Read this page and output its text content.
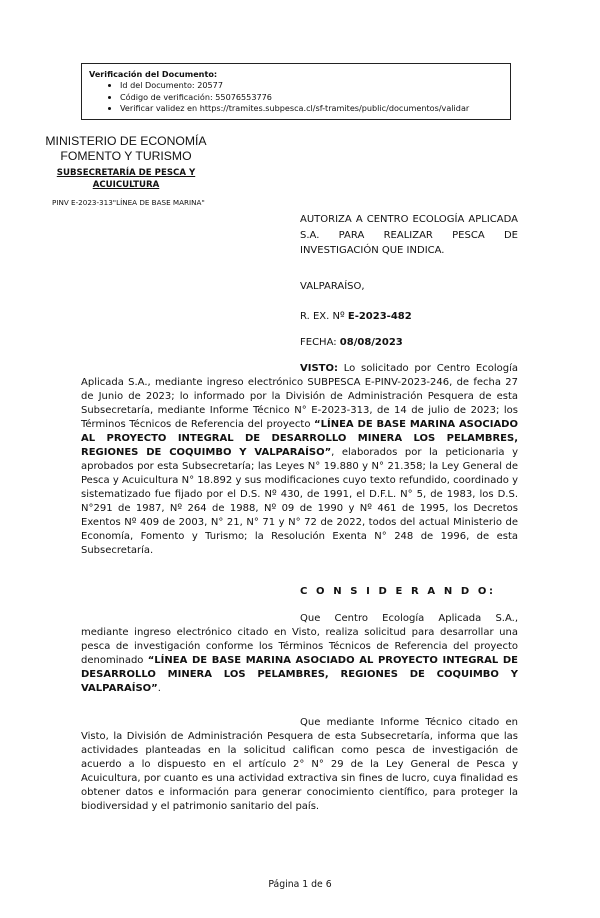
Verificación del Documento:
• Id del Documento: 20577
• Código de verificación: 55076553776
• Verificar validez en https://tramites.subpesca.cl/sf-tramites/public/documentos/validar
MINISTERIO DE ECONOMÍA
FOMENTO Y TURISMO
SUBSECRETARÍA DE PESCA Y
ACUICULTURA
PINV E-2023-313"LÍNEA DE BASE MARINA"
AUTORIZA A CENTRO ECOLOGÍA APLICADA S.A. PARA REALIZAR PESCA DE INVESTIGACIÓN QUE INDICA.
VALPARAÍSO,
R. EX. Nº E-2023-482
FECHA: 08/08/2023

VISTO: Lo solicitado por Centro Ecología Aplicada S.A., mediante ingreso electrónico SUBPESCA E-PINV-2023-246, de fecha 27 de Junio de 2023; lo informado por la División de Administración Pesquera de esta Subsecretaría, mediante Informe Técnico N° E-2023-313, de 14 de julio de 2023; los Términos Técnicos de Referencia del proyecto “LÍNEA DE BASE MARINA ASOCIADO AL PROYECTO INTEGRAL DE DESARROLLO MINERA LOS PELAMBRES, REGIONES DE COQUIMBO Y VALPARAÍSO”, elaborados por la peticionaria y aprobados por esta Subsecretaría; las Leyes N° 19.880 y N° 21.358; la Ley General de Pesca y Acuicultura N° 18.892 y sus modificaciones cuyo texto refundido, coordinado y sistematizado fue fijado por el D.S. Nº 430, de 1991, el D.F.L. N° 5, de 1983, los D.S. N°291 de 1987, Nº 264 de 1988, Nº 09 de 1990 y Nº 461 de 1995, los Decretos Exentos Nº 409 de 2003, N° 21, N° 71 y N° 72 de 2022, todos del actual Ministerio de Economía, Fomento y Turismo; la Resolución Exenta N° 248 de 1996, de esta Subsecretaría.

C O N S I D E R A N D O:

Que Centro Ecología Aplicada S.A., mediante ingreso electrónico citado en Visto, realiza solicitud para desarrollar una pesca de investigación conforme los Términos Técnicos de Referencia del proyecto denominado “LÍNEA DE BASE MARINA ASOCIADO AL PROYECTO INTEGRAL DE DESARROLLO MINERA LOS PELAMBRES, REGIONES DE COQUIMBO Y VALPARAÍSO”.

Que mediante Informe Técnico citado en Visto, la División de Administración Pesquera de esta Subsecretaría, informa que las actividades planteadas en la solicitud califican como pesca de investigación de acuerdo a lo dispuesto en el artículo 2° N° 29 de la Ley General de Pesca y Acuicultura, por cuanto es una actividad extractiva sin fines de lucro, cuya finalidad es obtener datos e información para generar conocimiento científico, para proteger la biodiversidad y el patrimonio sanitario del país.

Página 1 de 6
